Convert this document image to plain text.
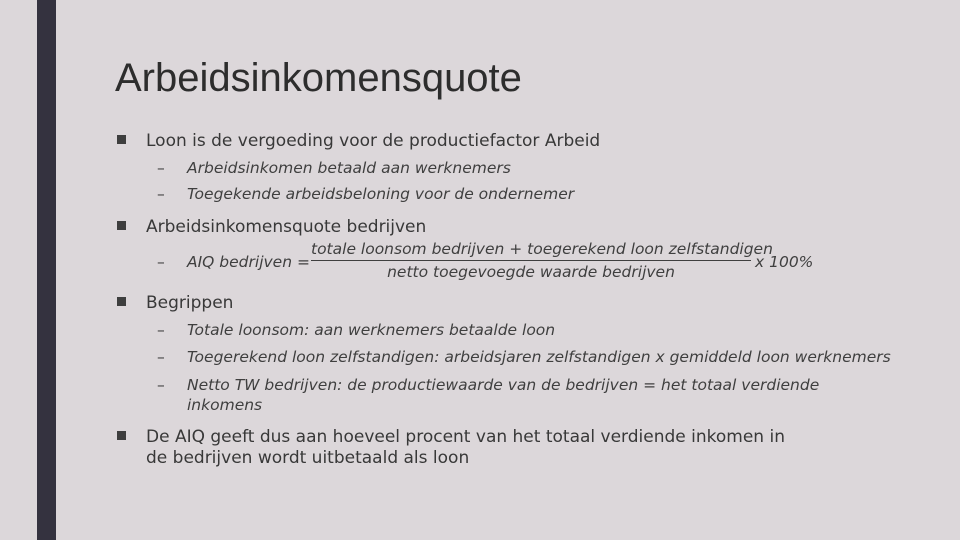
Arbeidsinkomensquote
Loon is de vergoeding voor de productiefactor Arbeid
– Arbeidsinkomen betaald aan werknemers
– Toegekende arbeidsbeloning voor de ondernemer
Arbeidsinkomensquote bedrijven
– AIQ bedrijven =
totale loonsom bedrijven + toegerekend loon zelfstandigen
netto toegevoegde waarde bedrijven
x 100%
Begrippen
– Totale loonsom: aan werknemers betaalde loon
– Toegerekend loon zelfstandigen: arbeidsjaren zelfstandigen x gemiddeld loon werknemers
– Netto TW bedrijven: de productiewaarde van de bedrijven = het totaal verdiende inkomens
De AIQ geeft dus aan hoeveel procent van het totaal verdiende inkomen in de bedrijven wordt uitbetaald als loon
